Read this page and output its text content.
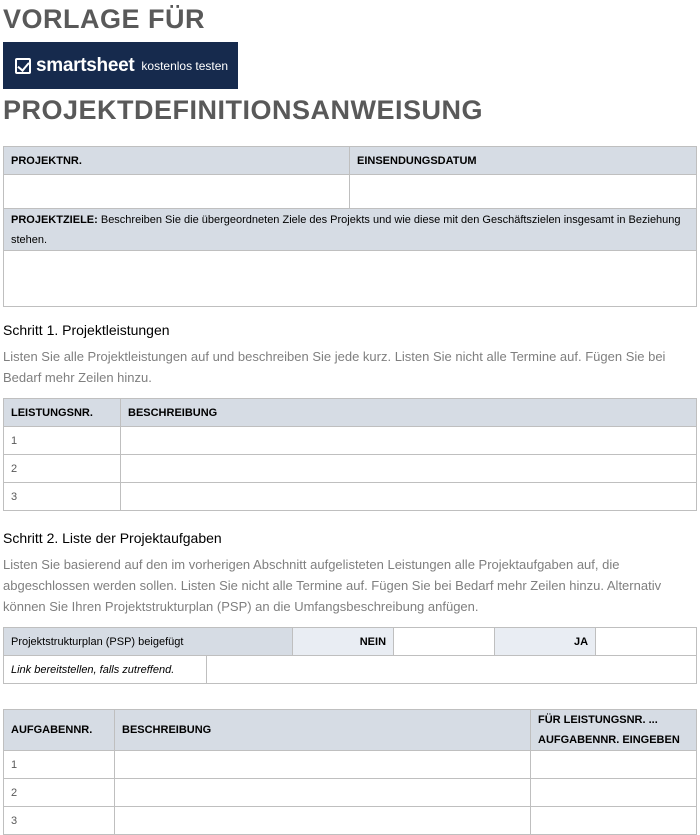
VORLAGE FÜR
smartsheet kostenlos testen
PROJEKTDEFINITIONSANWEISUNG
PROJEKTNR.	EINSENDUNGSDATUM

PROJEKTZIELE: Beschreiben Sie die übergeordneten Ziele des Projekts und wie diese mit den Geschäftszielen insgesamt in Beziehung stehen.	

Schritt 1. Projektleistungen
Listen Sie alle Projektleistungen auf und beschreiben Sie jede kurz. Listen Sie nicht alle Termine auf. Fügen Sie bei Bedarf mehr Zeilen hinzu.
LEISTUNGSNR.	BESCHREIBUNG
1	
2	
3	
Schritt 2. Liste der Projektaufgaben
Listen Sie basierend auf den im vorherigen Abschnitt aufgelisteten Leistungen alle Projektaufgaben auf, die abgeschlossen werden sollen. Listen Sie nicht alle Termine auf. Fügen Sie bei Bedarf mehr Zeilen hinzu. Alternativ können Sie Ihren Projektstrukturplan (PSP) an die Umfangsbeschreibung anfügen.
Projektstrukturplan (PSP) beigefügt		NEIN		JA	
Link bereitstellen, falls zutreffend.					
AUFGABENNR.	BESCHREIBUNG	FÜR LEISTUNGSNR. ... AUFGABENNR. EINGEBEN
1		
2		
3		
